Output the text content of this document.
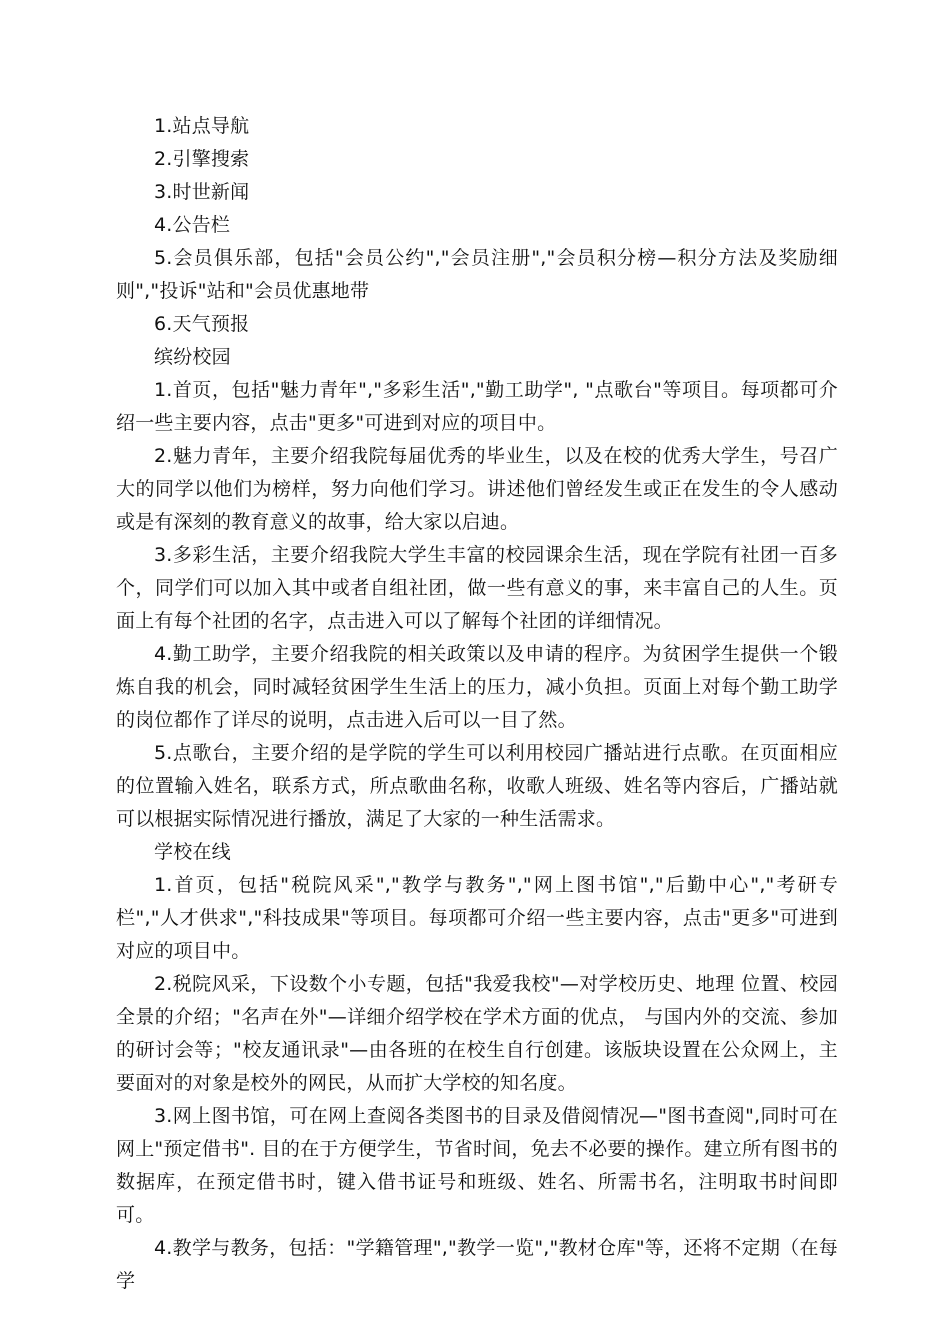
1.站点导航

2.引擎搜索

3.时世新闻

4.公告栏

5.会员俱乐部，包括"会员公约","会员注册","会员积分榜—积分方法及奖励细则","投诉"站和"会员优惠地带

6.天气预报

缤纷校园

1.首页，包括"魅力青年","多彩生活","勤工助学", "点歌台"等项目。每项都可介绍一些主要内容，点击"更多"可进到对应的项目中。

2.魅力青年，主要介绍我院每届优秀的毕业生，以及在校的优秀大学生，号召广大的同学以他们为榜样，努力向他们学习。讲述他们曾经发生或正在发生的令人感动或是有深刻的教育意义的故事，给大家以启迪。

3.多彩生活，主要介绍我院大学生丰富的校园课余生活，现在学院有社团一百多个，同学们可以加入其中或者自组社团，做一些有意义的事，来丰富自己的人生。页面上有每个社团的名字，点击进入可以了解每个社团的详细情况。

4.勤工助学，主要介绍我院的相关政策以及申请的程序。为贫困学生提供一个锻炼自我的机会，同时减轻贫困学生生活上的压力，减小负担。页面上对每个勤工助学的岗位都作了详尽的说明，点击进入后可以一目了然。

5.点歌台，主要介绍的是学院的学生可以利用校园广播站进行点歌。在页面相应的位置输入姓名，联系方式，所点歌曲名称，收歌人班级、姓名等内容后，广播站就可以根据实际情况进行播放，满足了大家的一种生活需求。

学校在线

1.首页，包括"税院风采","教学与教务","网上图书馆","后勤中心","考研专栏","人才供求","科技成果"等项目。每项都可介绍一些主要内容，点击"更多"可进到对应的项目中。

2.税院风采，下设数个小专题，包括"我爱我校"—对学校历史、地理 位置、校园全景的介绍；"名声在外"—详细介绍学校在学术方面的优点， 与国内外的交流、参加的研讨会等；"校友通讯录"—由各班的在校生自行创建。该版块设置在公众网上，主要面对的对象是校外的网民，从而扩大学校的知名度。

3.网上图书馆，可在网上查阅各类图书的目录及借阅情况—"图书查阅",同时可在网上"预定借书". 目的在于方便学生，节省时间，免去不必要的操作。建立所有图书的数据库，在预定借书时，键入借书证号和班级、姓名、所需书名，注明取书时间即可。

4.教学与教务，包括："学籍管理","教学一览","教材仓库"等，还将不定期（在每学
